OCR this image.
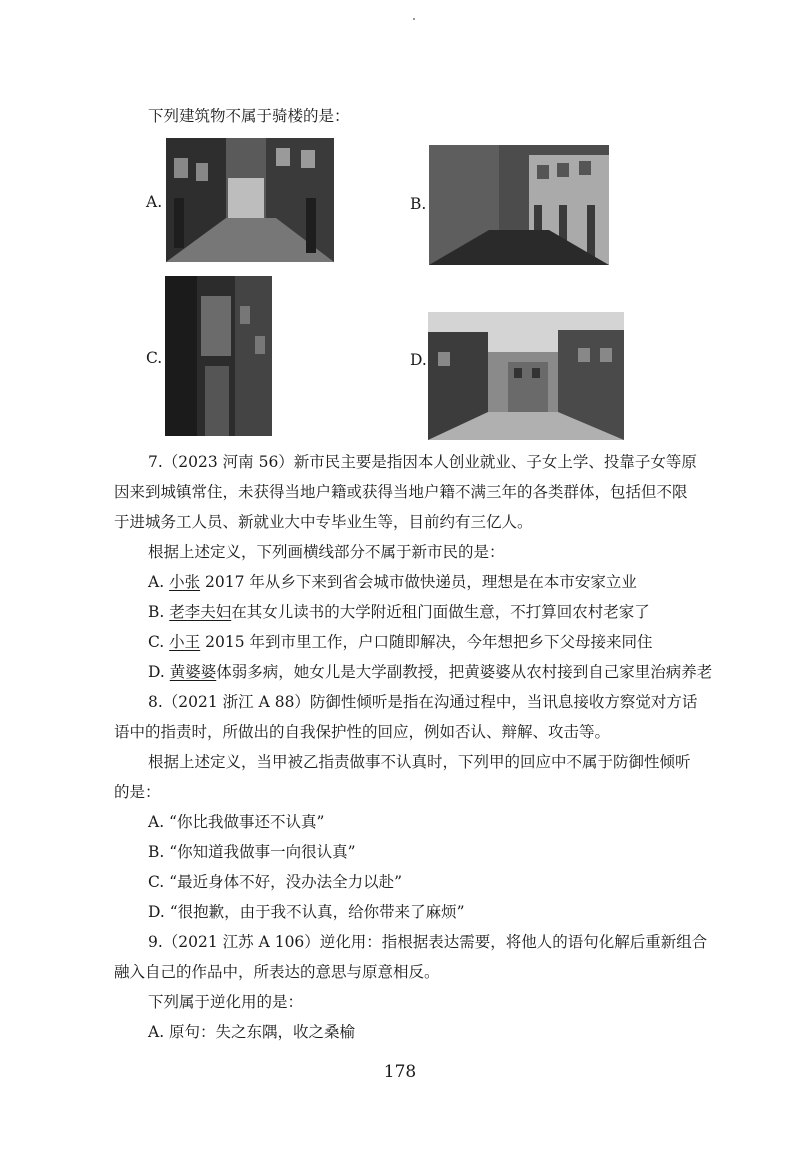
下列建筑物不属于骑楼的是：
A.	B.
C.	D.
7.（2023 河南 56）新市民主要是指因本人创业就业、子女上学、投靠子女等原
因来到城镇常住，未获得当地户籍或获得当地户籍不满三年的各类群体，包括但不限
于进城务工人员、新就业大中专毕业生等，目前约有三亿人。
根据上述定义，下列画横线部分不属于新市民的是：
A. 小张 2017 年从乡下来到省会城市做快递员，理想是在本市安家立业
B. 老李夫妇在其女儿读书的大学附近租门面做生意，不打算回农村老家了
C. 小王 2015 年到市里工作，户口随即解决，今年想把乡下父母接来同住
D. 黄婆婆体弱多病，她女儿是大学副教授，把黄婆婆从农村接到自己家里治病养老
8.（2021 浙江 A 88）防御性倾听是指在沟通过程中，当讯息接收方察觉对方话
语中的指责时，所做出的自我保护性的回应，例如否认、辩解、攻击等。
根据上述定义，当甲被乙指责做事不认真时，下列甲的回应中不属于防御性倾听
的是：
A. “你比我做事还不认真”
B. “你知道我做事一向很认真”
C. “最近身体不好，没办法全力以赴”
D. “很抱歉，由于我不认真，给你带来了麻烦”
9.（2021 江苏 A 106）逆化用：指根据表达需要，将他人的语句化解后重新组合
融入自己的作品中，所表达的意思与原意相反。
下列属于逆化用的是：
A. 原句：失之东隅，收之桑榆
178
